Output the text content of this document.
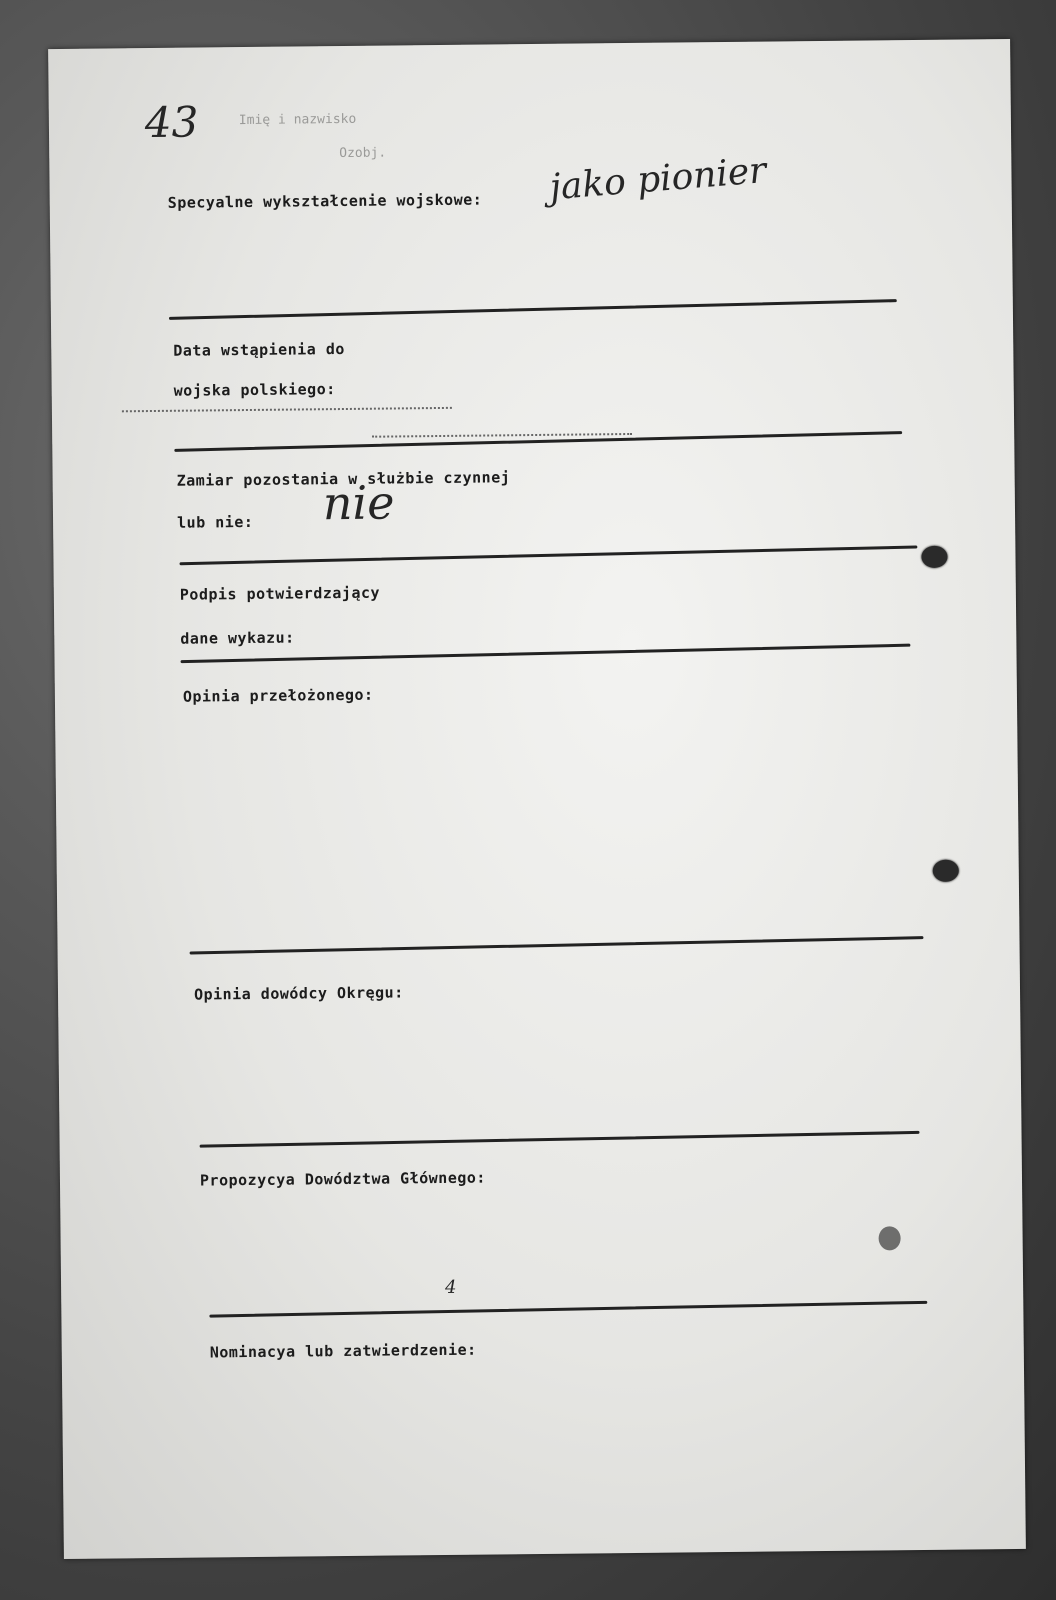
43	Imię i nazwisko
Ozobj.
Specyalne wykształcenie wojskowe: jako pionier
Data wstąpienia do
wojska polskiego:
Zamiar pozostania w służbie czynnej
lub nie: nie
Podpis potwierdzający
dane wykazu:
Opinia przełożonego:
Opinia dowódcy Okręgu:
Propozycya Dowództwa Głównego:
4
Nominacya lub zatwierdzenie:
